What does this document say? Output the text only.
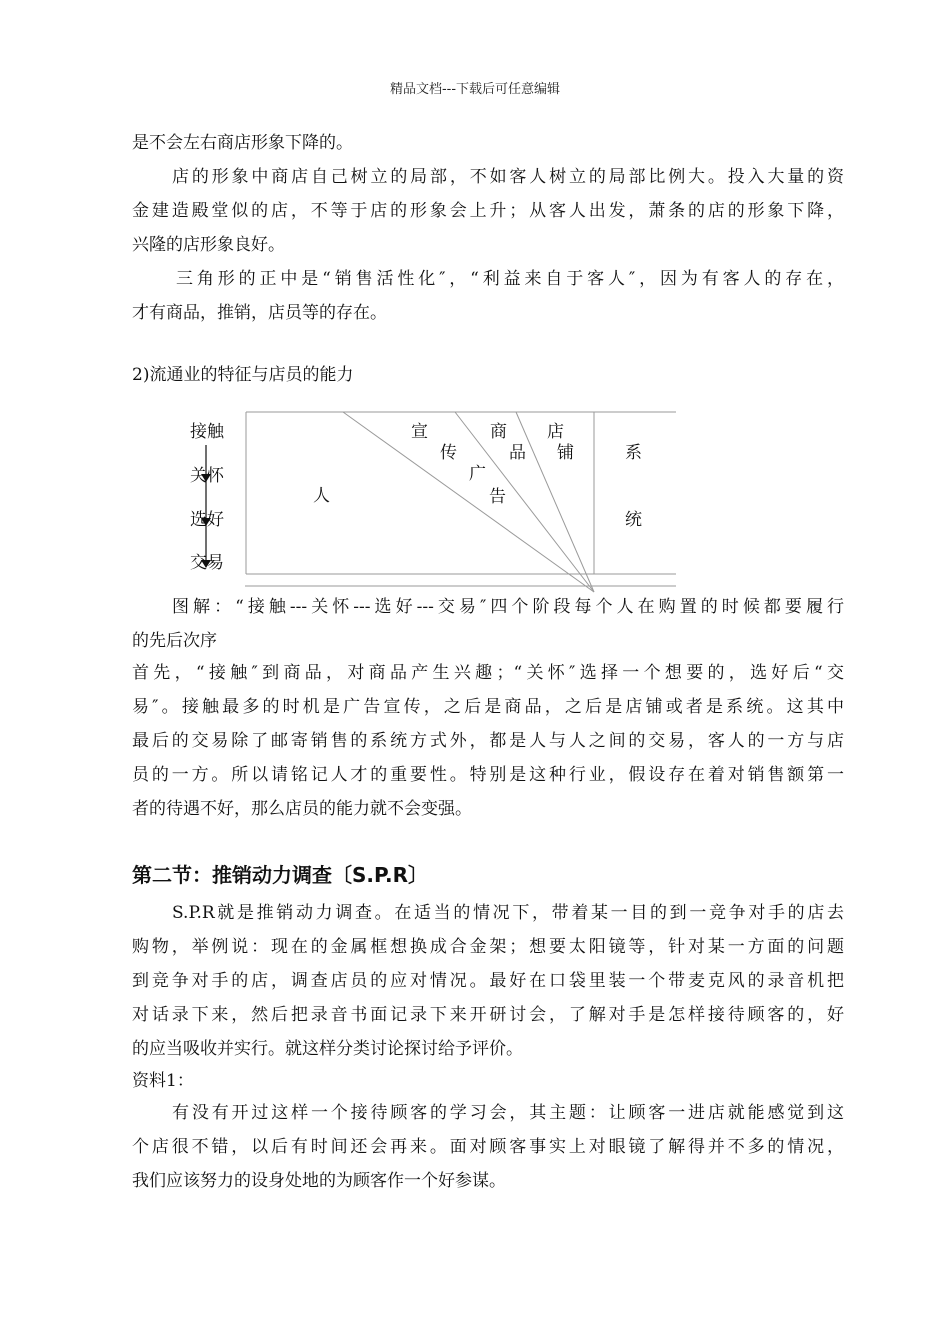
精品文档---下载后可任意编辑
是不会左右商店形象下降的。
店的形象中商店自己树立的局部，不如客人树立的局部比例大。投入大量的资
金建造殿堂似的店，不等于店的形象会上升；从客人出发，萧条的店的形象下降，
兴隆的店形象良好。
三角形的正中是“销售活性化″，“利益来自于客人″，因为有客人的存在，
才有商品，推销，店员等的存在。
2)流通业的特征与店员的能力
接触
关怀
选好
交易
人
宣
传
广
告
商
品
店
铺	系
统
图解：“接触---关怀---选好---交易″四个阶段每个人在购置的时候都要履行
的先后次序
首先，“接触″到商品，对商品产生兴趣；“关怀″选择一个想要的，选好后“交
易″。接触最多的时机是广告宣传，之后是商品，之后是店铺或者是系统。这其中
最后的交易除了邮寄销售的系统方式外，都是人与人之间的交易，客人的一方与店
员的一方。所以请铭记人才的重要性。特别是这种行业，假设存在着对销售额第一
者的待遇不好，那么店员的能力就不会变强。
第二节：推销动力调查〔S.P.R〕
S.P.R就是推销动力调查。在适当的情况下，带着某一目的到一竞争对手的店去
购物，举例说：现在的金属框想换成合金架；想要太阳镜等，针对某一方面的问题
到竞争对手的店，调查店员的应对情况。最好在口袋里装一个带麦克风的录音机把
对话录下来，然后把录音书面记录下来开研讨会，了解对手是怎样接待顾客的，好
的应当吸收并实行。就这样分类讨论探讨给予评价。
资料1：
有没有开过这样一个接待顾客的学习会，其主题：让顾客一进店就能感觉到这
个店很不错，以后有时间还会再来。面对顾客事实上对眼镜了解得并不多的情况，
我们应该努力的设身处地的为顾客作一个好参谋。
